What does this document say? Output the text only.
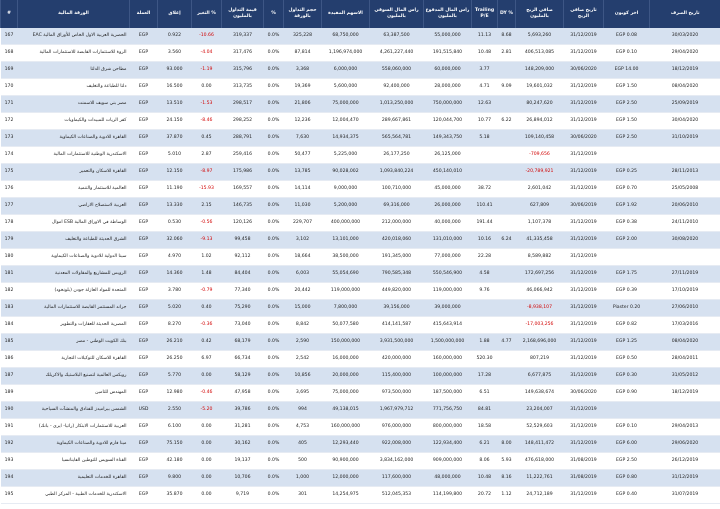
#	الورقة المالية	العملة	إغلاق	التغير %	قيمة التداول بالمليون	%	حجم التداول بالورقة	الاسهم المقيدة	راس المال السوقي بالمليون	راس المال المدفوع بالمليون	Trailing P/E	DY %	صافي الربح بالمليون	تاريخ صافي الربح	اخر كوبون	تاريخ الصرف
167	EAC الحصرية العربية الاول الخاص للأوراق المالية	EGP	0.922	-10.66	319,337	0.0%	325,228	68,750,000	63,387,500	55,000,000	11.13	8.68	5,693,260	31/12/2019	EGP 0.08	30/03/2020
168	الروة للاستثمارات القابضة للاستثمارات المالية	EGP	3.560	-4.04	317,476	0.0%	87,814	1,196,974,000	4,261,227,440	191,515,840	10.48	2.81	406,513,085	31/12/2019	EGP 0.10	29/04/2020
169	مطاحن شرق الدلتا	EGP	93.000	-1.19	315,796	0.0%	3,368	6,000,000	558,060,000	60,000,000	3.77		148,209,000	30/06/2020	EGP 14.00	18/12/2019
170	دلتا للطباعة والتغليف	EGP	16.500	0.00	313,735	0.0%	19,369	5,600,000	92,400,000	28,000,000	4.71	9.09	19,601,032	31/12/2019	EGP 1.50	08/04/2020
171	مصر بني سويف للاسمنت	EGP	13.510	-1.53	298,517	0.0%	21,806	75,000,000	1,013,250,000	750,000,000	12.63		80,247,620	31/12/2019	EGP 2.50	25/09/2019
172	كفر الزيات للمبيدات والكيماويات	EGP	24.150	-8.46	298,252	0.0%	12,236	12,004,470	289,667,861	120,044,700	10.77	6.22	26,894,012	31/12/2019	EGP 1.50	30/04/2020
173	القاهرة للادوية والصناعات الكيماوية	EGP	37.870	0.45	288,791	0.0%	7,630	14,934,375	565,564,781	149,343,750	5.18		109,140,458	30/06/2020	EGP 2.50	31/10/2019
174	الاسكندرية الوطنية للاستثمارات المالية	EGP	5.010	2.87	259,416	0.0%	50,477	5,225,000	26,177,250	26,125,000			-709,656	31/12/2019		
175	القاهرة للاسكان والتعمير	EGP	12.150	-8.97	175,986	0.0%	13,785	90,028,002	1,093,840,224	450,140,010			-20,789,921	31/12/2019	EGP 0.25	28/11/2013
176	العالمية للاستثمار والتنمية	EGP	11.190	-15.93	169,557	0.0%	14,114	9,000,000	100,710,000	45,000,000	38.72		2,601,042	31/12/2019	EGP 0.70	25/05/2008
177	العربية لاستصلاح الاراضي	EGP	13.330	2.15	146,735	0.0%	11,030	5,200,000	69,316,000	26,000,000	110.41		627,809	30/06/2019	EGP 1.92	20/06/2010
178	اموال ESB الوساطة في الاوراق المالية	EGP	0.530	-0.56	120,126	0.0%	229,707	400,000,000	212,000,000	40,000,000	191.44		1,107,378	31/12/2019	EGP 0.38	24/11/2010
179	الشرق الحديثة للطباعة والتغليف	EGP	32.060	-9.13	99,458	0.0%	3,102	13,101,000	420,018,060	131,010,000	10.16	6.24	41,335,458	31/12/2019	EGP 2.00	30/08/2020
180	سينا الدولية للادوية والصناعات الكيماوية	EGP	4.970	1.02	92,112	0.0%	18,664	38,500,000	191,345,000	77,000,000	22.28		8,589,882	31/12/2019		
181	الرويس للمشاريع والمقاولات المعدنية	EGP	14.360	1.48	84,404	0.0%	6,003	55,054,690	790,585,348	550,546,900	4.58		172,697,256	31/12/2019	EGP 1.75	27/11/2019
182	المتحدة للمواد العازلة جودن (بلونخود)	EGP	3.780	-0.79	77,340	0.0%	20,442	119,000,000	449,820,000	119,000,000	9.76		46,066,942	31/12/2019	EGP 0.39	17/10/2019
183	جراند المستثمر القابضة للاستثمارات المالية	EGP	5.020	0.40	75,290	0.0%	15,000	7,800,000	39,156,000	39,000,000			-8,938,107	31/12/2019	Piaster 0.20	27/06/2010
184	المصرية الحديثة للعقارات والتطوير	EGP	8.270	-0.36	73,040	0.0%	8,842	50,077,580	414,141,587	415,643,914			-17,003,256	31/12/2019	EGP 0.82	17/03/2016
185	بنك الكويت الوطني - مصر	EGP	26.210	0.42	68,179	0.0%	2,590	150,000,000	3,931,500,000	1,500,000,000	1.88	4.77	2,168,696,000	31/12/2019	EGP 1.25	08/04/2020
186	القاهرة للاسكان للتوكيلات التجارية	EGP	26.250	6.97	66,734	0.0%	2,542	16,000,000	420,000,000	160,000,000	520.30		807,219	31/12/2019	EGP 0.50	28/04/2011
187	روبكس العالمية لتصنيع البلاستيك والاكريلك	EGP	5.770	0.00	58,129	0.0%	10,856	20,000,000	115,400,000	100,000,000	17.28		6,677,875	31/12/2019	EGP 0.30	31/05/2012
189	المهندس للتامين	EGP	12.980	-0.46	47,958	0.0%	3,695	75,000,000	973,500,000	187,500,000	6.51		149,638,674	30/06/2020	EGP 0.90	18/12/2019
190	الشمس بيراميدز للفنادق والمنشآت السياحية	USD	2.550	-5.20	39,786	0.0%	994	49,138,015	1,967,979,712	771,756,750	84.81		23,204,007	31/12/2019		
191	العربية للاستثمارات الابتكار (راتيا- ايري - بانك)	EGP	6.100	0.00	31,281	0.0%	4,753	160,000,000	976,000,000	800,000,000	18.58		52,529,603	31/12/2019	EGP 0.10	29/04/2013
192	مينا فارم للادوية والصناعات الكيماوية	EGP	75.150	0.00	30,162	0.0%	405	12,293,440	922,008,000	122,934,400	6.21	8.00	148,411,472	31/12/2019	EGP 6.00	29/06/2020
193	القناة السويس للتوطين الفاينانسيا	EGP	42.180	0.00	19,137	0.0%	500	90,900,000	3,834,162,000	909,000,000	8.06	5.93	476,618,000	31/08/2019	EGP 2.50	26/12/2019
194	القاهرة للخدمات التعليمية	EGP	9.800	0.00	10,706	0.0%	1,000	12,000,000	117,600,000	48,000,000	10.48	8.16	11,222,761	31/08/2019	EGP 0.80	31/12/2019
195	الاسكندرية للخدمات الطبية - المركز الطبي	EGP	35.870	0.00	9,719	0.0%	301	14,254,975	512,045,353	114,199,800	20.72	1.12	24,712,189	31/12/2019	EGP 0.40	31/07/2019
